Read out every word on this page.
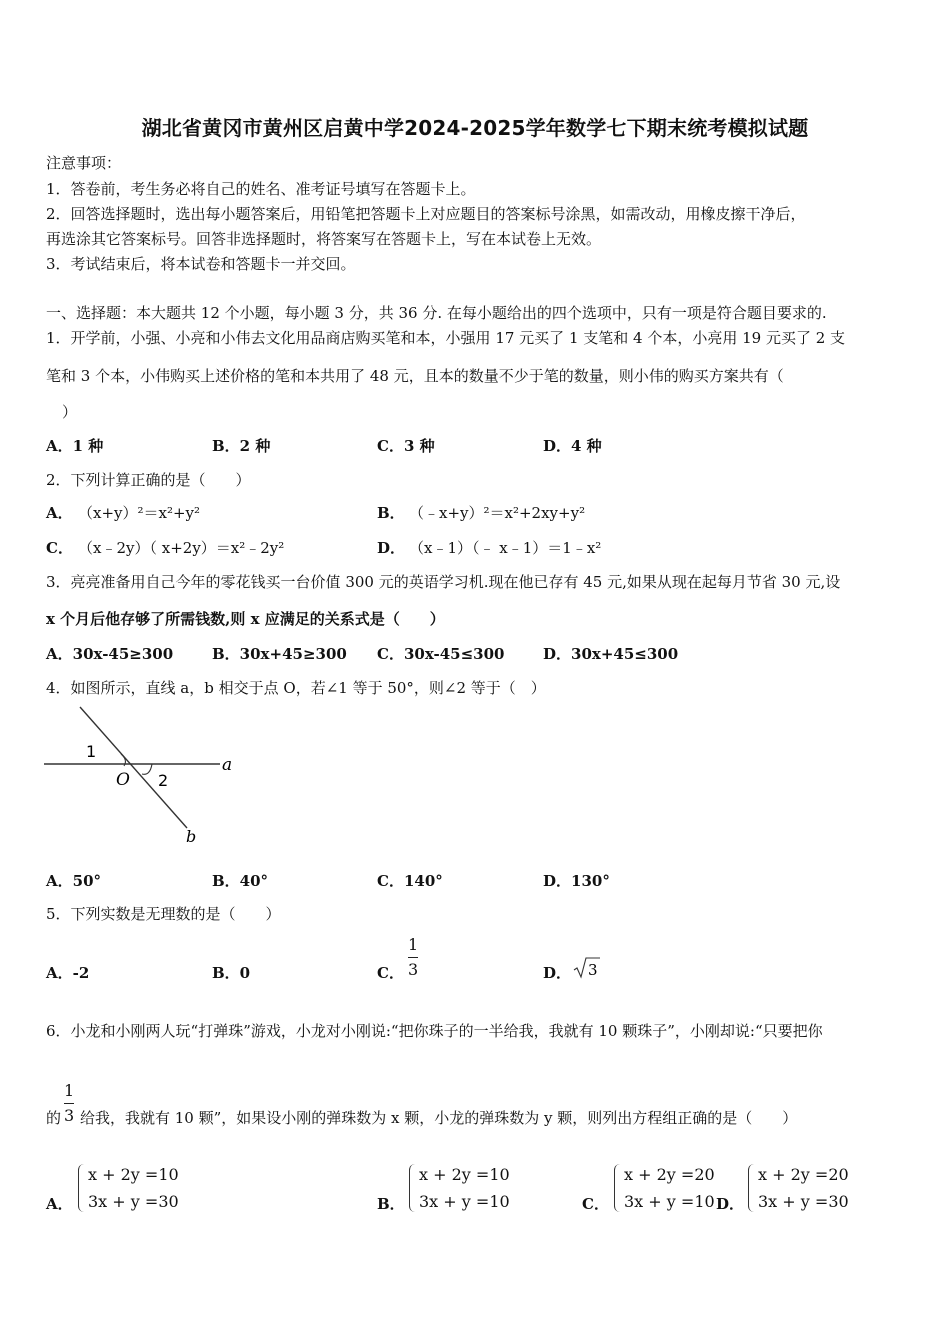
湖北省黄冈市黄州区启黄中学2024-2025学年数学七下期末统考模拟试题
注意事项：
1．答卷前，考生务必将自己的姓名、准考证号填写在答题卡上。
2．回答选择题时，选出每小题答案后，用铅笔把答题卡上对应题目的答案标号涂黑，如需改动，用橡皮擦干净后，
再选涂其它答案标号。回答非选择题时，将答案写在答题卡上，写在本试卷上无效。
3．考试结束后，将本试卷和答题卡一并交回。
一、选择题：本大题共 12 个小题，每小题 3 分，共 36 分. 在每小题给出的四个选项中，只有一项是符合题目要求的.
1．开学前，小强、小亮和小伟去文化用品商店购买笔和本，小强用 17 元买了 1 支笔和 4 个本，小亮用 19 元买了 2 支
笔和 3 个本，小伟购买上述价格的笔和本共用了 48 元，且本的数量不少于笔的数量，则小伟的购买方案共有（
）
A．1 种	B．2 种	C．3 种	D．4 种
2．下列计算正确的是（　　）
A． （x+y）²＝x²+y²	B． （﹣x+y）²＝x²+2xy+y²
C． （x﹣2y）（ x+2y）＝x²﹣2y²	D． （x﹣1）（﹣ x﹣1）＝1﹣x²
3．亮亮准备用自己今年的零花钱买一台价值 300 元的英语学习机.现在他已存有 45 元,如果从现在起每月节省 30 元,设
x 个月后他存够了所需钱数,则 x 应满足的关系式是（　　）
A．30x-45≥300	B．30x+45≥300 C．30x-45≤300	D．30x+45≤300
4．如图所示，直线 a，b 相交于点 O，若∠1 等于 50°，则∠2 等于（　）
1
2
O
a
b
A．50°	B．40°	C．140°	D．130°
5．下列实数是无理数的是（　　）
A．-2	B．0	C．
1
3	D． 3
6．小龙和小刚两人玩“打弹珠”游戏，小龙对小刚说:“把你珠子的一半给我，我就有 10 颗珠子”，小刚却说:“只要把你
的
1
3 给我，我就有 10 颗”，如果设小刚的弹珠数为 x 颗，小龙的弹珠数为 y 颗，则列出方程组正确的是（　　）
A．
x + 2y =10
3x + y =30	B．
x + 2y =10
3x + y =10	C．
x + 2y =20
3x + y =10 D．
x + 2y =20
3x + y =30
